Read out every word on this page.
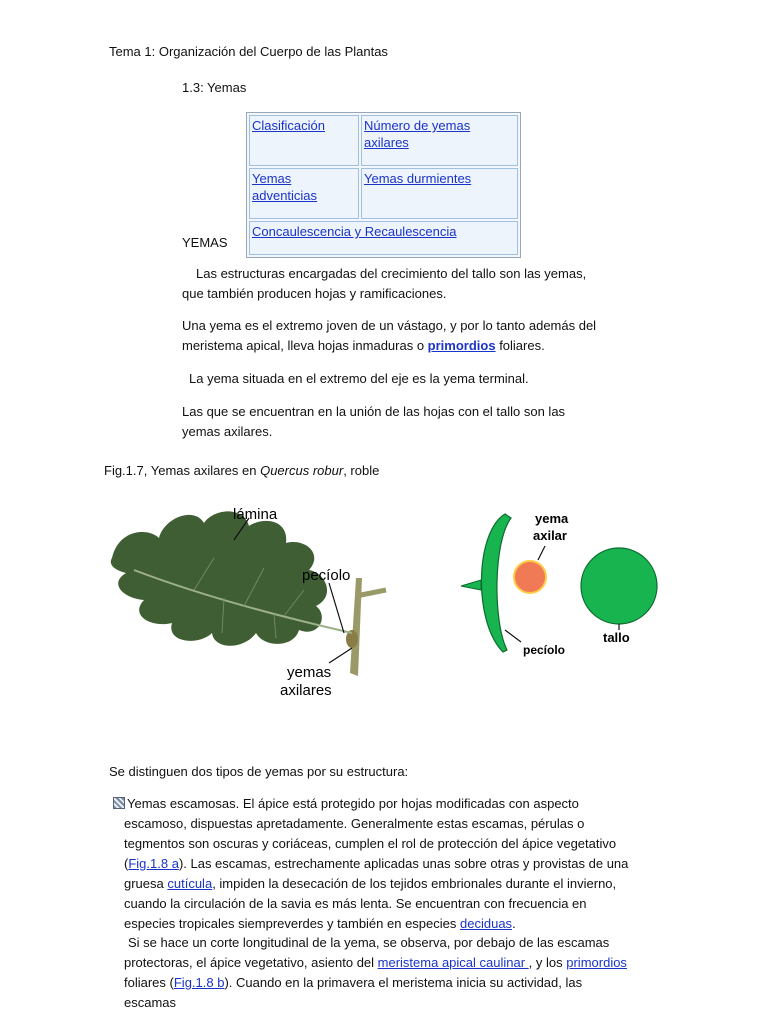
Tema 1: Organización del Cuerpo de las Plantas
1.3: Yemas
Clasificación	Número de yemas axilares
Yemas adventicias	Yemas durmientes
Concaulescencia y Recaulescencia	
YEMAS
Las estructuras encargadas del crecimiento del tallo son las yemas, que también producen hojas y ramificaciones.
Una yema es el extremo joven de un vástago, y por lo tanto además del meristema apical, lleva hojas inmaduras o primordios foliares.
La yema situada en el extremo del eje es la yema terminal.
Las que se encuentran en la unión de las hojas con el tallo son las yemas axilares.
Fig.1.7, Yemas axilares en Quercus robur, roble
lámina
pecíolo
yemas
axilares
yema
axilar
tallo
pecíolo
Se distinguen dos tipos de yemas por su estructura:
Yemas escamosas. El ápice está protegido por hojas modificadas con aspecto escamoso, dispuestas apretadamente. Generalmente estas escamas, pérulas o tegmentos son oscuras y coriáceas, cumplen el rol de protección del ápice vegetativo (Fig.1.8 a). Las escamas, estrechamente aplicadas unas sobre otras y provistas de una gruesa cutícula, impiden la desecación de los tejidos embrionales durante el invierno, cuando la circulación de la savia es más lenta. Se encuentran con frecuencia en especies tropicales siempreverdes y también en especies deciduas.
Si se hace un corte longitudinal de la yema, se observa, por debajo de las escamas protectoras, el ápice vegetativo, asiento del meristema apical caulinar , y los primordios foliares (Fig.1.8 b). Cuando en la primavera el meristema inicia su actividad, las escamas
